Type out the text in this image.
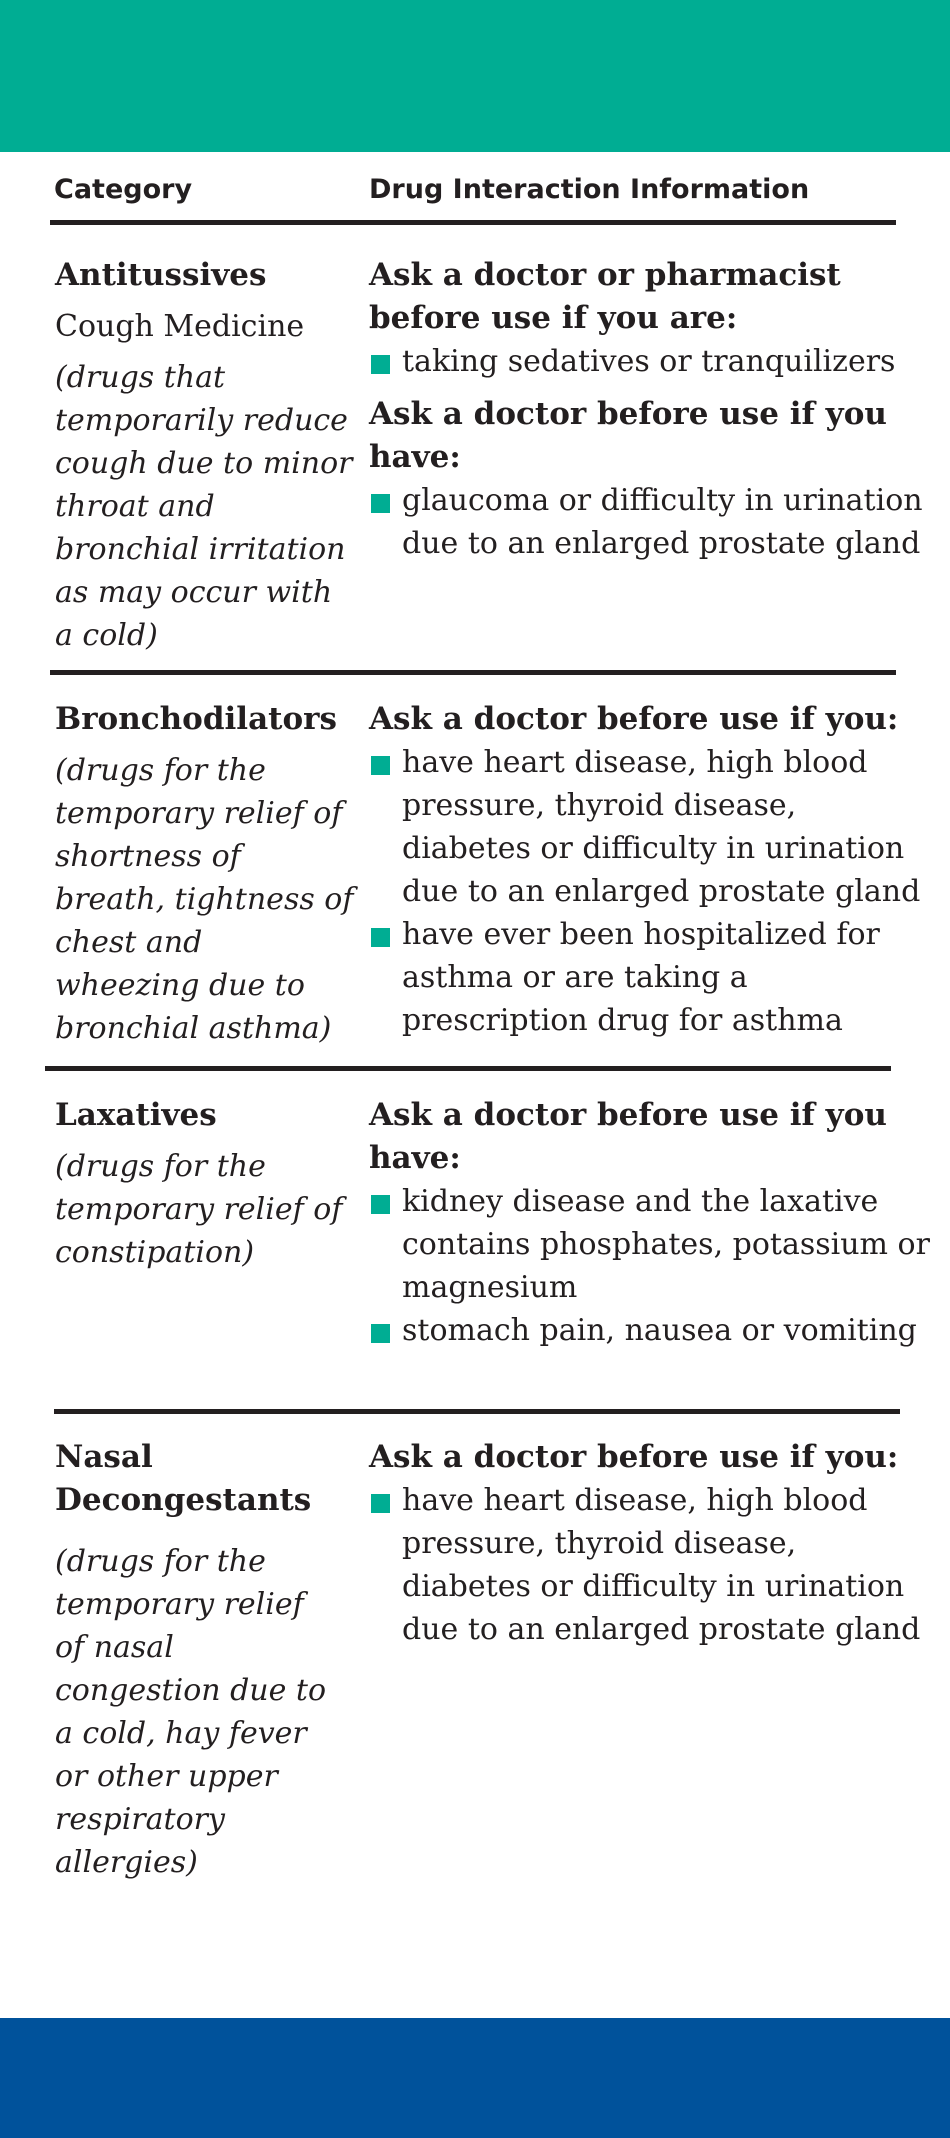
Category	Drug Interaction Information
Antitussives
Cough Medicine
(drugs that temporarily reduce cough due to minor throat and bronchial irritation as may occur with a cold)
Ask a doctor or pharmacist before use if you are:
taking sedatives or tranquilizers
Ask a doctor before use if you have:
glaucoma or difficulty in urination due to an enlarged prostate gland
Bronchodilators
(drugs for the temporary relief of shortness of breath, tightness of chest and wheezing due to bronchial asthma)
Ask a doctor before use if you:
have heart disease, high blood pressure, thyroid disease, diabetes or difficulty in urination due to an enlarged prostate gland
have ever been hospitalized for asthma or are taking a prescription drug for asthma
Laxatives
(drugs for the temporary relief of constipation)
Ask a doctor before use if you have:
kidney disease and the laxative contains phosphates, potassium or magnesium
stomach pain, nausea or vomiting
Nasal Decongestants
(drugs for the temporary relief of nasal congestion due to a cold, hay fever or other upper respiratory allergies)
Ask a doctor before use if you:
have heart disease, high blood pressure, thyroid disease, diabetes or difficulty in urination due to an enlarged prostate gland
